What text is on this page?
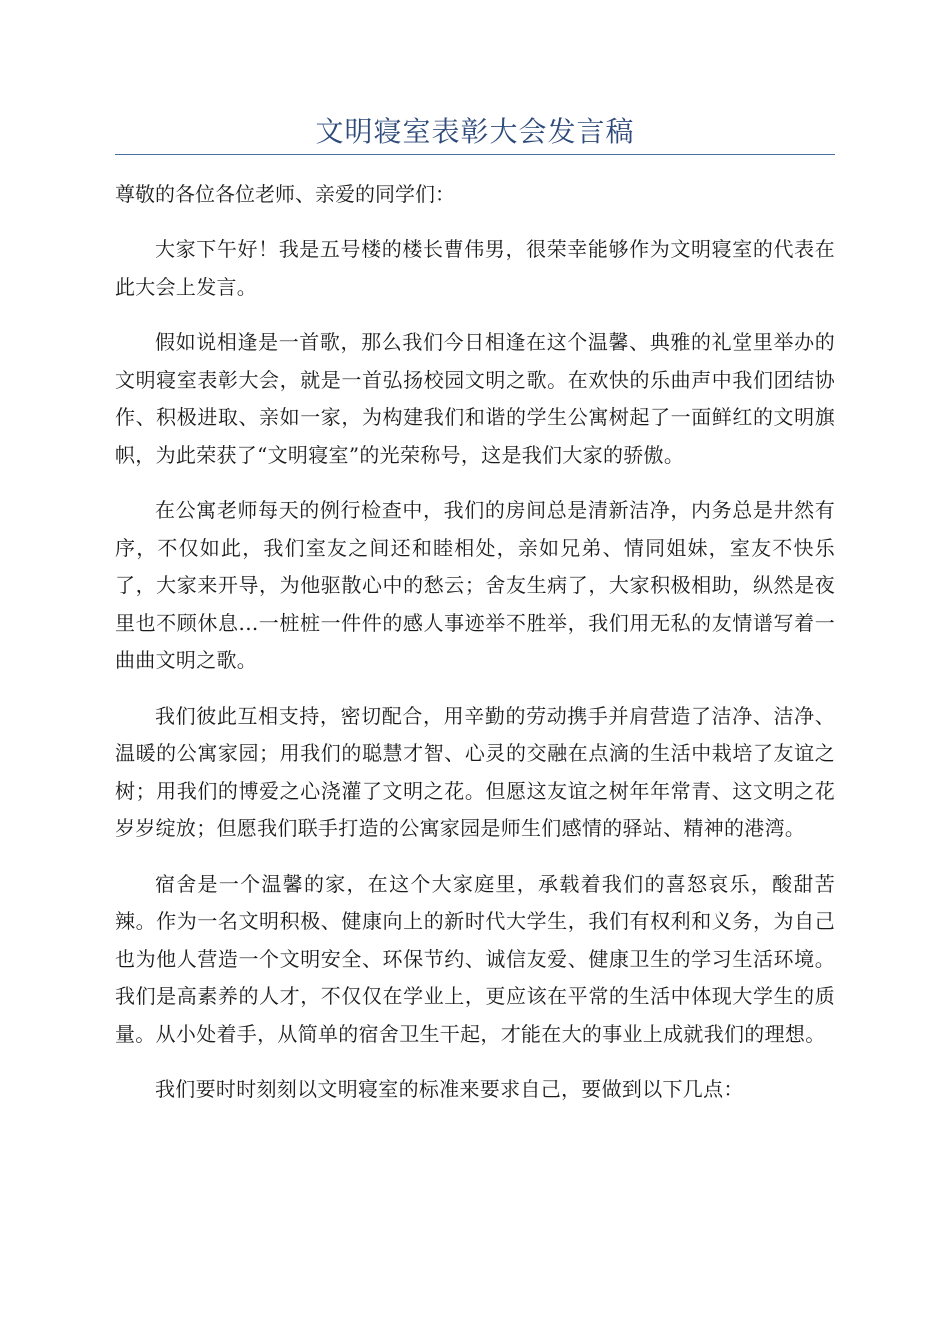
文明寝室表彰大会发言稿
尊敬的各位各位老师、亲爱的同学们：
大家下午好！我是五号楼的楼长曹伟男，很荣幸能够作为文明寝室的代表在此大会上发言。
假如说相逢是一首歌，那么我们今日相逢在这个温馨、典雅的礼堂里举办的文明寝室表彰大会，就是一首弘扬校园文明之歌。在欢快的乐曲声中我们团结协作、积极进取、亲如一家，为构建我们和谐的学生公寓树起了一面鲜红的文明旗帜，为此荣获了“文明寝室”的光荣称号，这是我们大家的骄傲。
在公寓老师每天的例行检查中，我们的房间总是清新洁净，内务总是井然有序，不仅如此，我们室友之间还和睦相处，亲如兄弟、情同姐妹，室友不快乐了，大家来开导，为他驱散心中的愁云；舍友生病了，大家积极相助，纵然是夜里也不顾休息...一桩桩一件件的感人事迹举不胜举，我们用无私的友情谱写着一曲曲文明之歌。
我们彼此互相支持，密切配合，用辛勤的劳动携手并肩营造了洁净、洁净、温暖的公寓家园；用我们的聪慧才智、心灵的交融在点滴的生活中栽培了友谊之树；用我们的博爱之心浇灌了文明之花。但愿这友谊之树年年常青、这文明之花岁岁绽放；但愿我们联手打造的公寓家园是师生们感情的驿站、精神的港湾。
宿舍是一个温馨的家，在这个大家庭里，承载着我们的喜怒哀乐，酸甜苦辣。作为一名文明积极、健康向上的新时代大学生，我们有权利和义务，为自己也为他人营造一个文明安全、环保节约、诚信友爱、健康卫生的学习生活环境。我们是高素养的人才，不仅仅在学业上，更应该在平常的生活中体现大学生的质量。从小处着手，从简单的宿舍卫生干起，才能在大的事业上成就我们的理想。
我们要时时刻刻以文明寝室的标准来要求自己，要做到以下几点：
